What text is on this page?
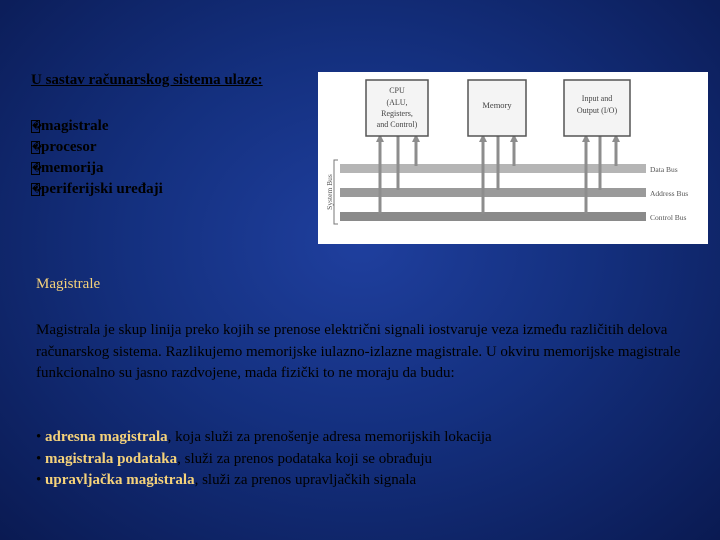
U sastav računarskog sistema ulaze:
�
magistrale
�
procesor
�
memorija
�
periferijski uređaji
CPU
(ALU,
Registers,
and Control)
Memory
Input and
Output (I/O)
System Bus
Data Bus
Address Bus
Control Bus
Magistrale
Magistrala je skup linija preko kojih se prenose električni signali iostvaruje veza između različitih delova računarskog sistema. Razlikujemo memorijske iulazno-izlazne magistrale. U okviru memorijske magistrale funkcionalno su jasno razdvojene, mada fizički to ne moraju da budu:
• adresna magistrala, koja služi za prenošenje adresa memorijskih lokacija
• magistrala podataka, služi za prenos podataka koji se obrađuju
• upravljačka magistrala, služi za prenos upravljačkih signala
